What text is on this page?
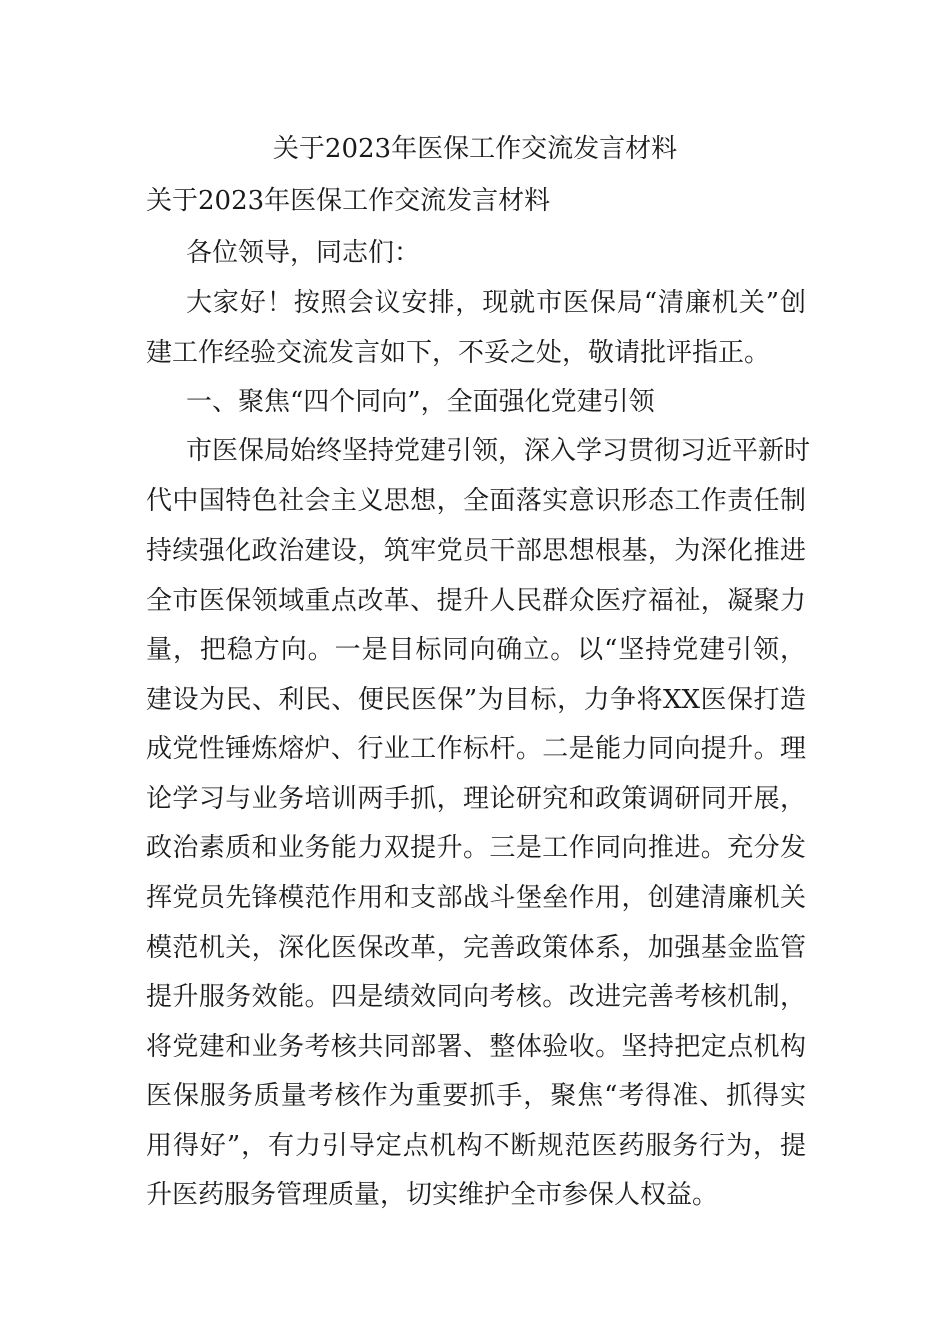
关于2023年医保工作交流发言材料
关于2023年医保工作交流发言材料
各位领导，同志们：
大家好！按照会议安排，现就市医保局“清廉机关”创
建工作经验交流发言如下，不妥之处，敬请批评指正。
一、聚焦“四个同向”，全面强化党建引领
市医保局始终坚持党建引领，深入学习贯彻习近平新时
代中国特色社会主义思想，全面落实意识形态工作责任制
持续强化政治建设，筑牢党员干部思想根基，为深化推进
全市医保领域重点改革、提升人民群众医疗福祉，凝聚力
量，把稳方向。一是目标同向确立。以“坚持党建引领，
建设为民、利民、便民医保”为目标，力争将XX医保打造
成党性锤炼熔炉、行业工作标杆。二是能力同向提升。理
论学习与业务培训两手抓，理论研究和政策调研同开展，
政治素质和业务能力双提升。三是工作同向推进。充分发
挥党员先锋模范作用和支部战斗堡垒作用，创建清廉机关
模范机关，深化医保改革，完善政策体系，加强基金监管
提升服务效能。四是绩效同向考核。改进完善考核机制，
将党建和业务考核共同部署、整体验收。坚持把定点机构
医保服务质量考核作为重要抓手，聚焦“考得准、抓得实
用得好”，有力引导定点机构不断规范医药服务行为，提
升医药服务管理质量，切实维护全市参保人权益。
